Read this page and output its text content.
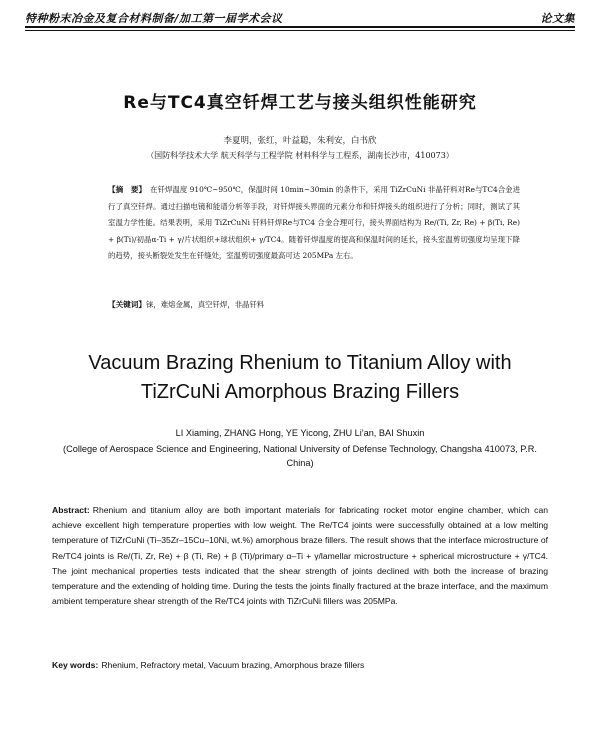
特种粉末冶金及复合材料制备/加工第一届学术会议	论文集
Re与TC4真空钎焊工艺与接头组织性能研究
李夏明，张红，叶益聪，朱利安，白书欣
（国防科学技术大学 航天科学与工程学院 材料科学与工程系，湖南长沙市，410073）
【摘　要】 在钎焊温度 910℃~950℃，保温时间 10min~30min 的条件下，采用 TiZrCuNi 非晶钎料对Re与TC4合金进行了真空钎焊。通过扫描电镜和能谱分析等手段，对钎焊接头界面的元素分布和钎焊接头的组织进行了分析；同时，测试了其室温力学性能。结果表明，采用 TiZrCuNi 钎料钎焊Re与TC4 合金合理可行，接头界面结构为 Re/(Ti, Zr, Re) + β(Ti, Re) + β(Ti)/初晶α-Ti + γ/片状组织+球状组织+ γ/TC4。随着钎焊温度的提高和保温时间的延长，接头室温剪切强度均呈现下降的趋势，接头断裂处发生在钎缝处，室温剪切强度最高可达 205MPa 左右。
【关键词】铼，难熔金属，真空钎焊，非晶钎料
Vacuum Brazing Rhenium to Titanium Alloy with
TiZrCuNi Amorphous Brazing Fillers
LI Xiaming, ZHANG Hong, YE Yicong, ZHU Li'an, BAI Shuxin
(College of Aerospace Science and Engineering, National University of Defense Technology, Changsha 410073, P.R. China)
Abstract: Rhenium and titanium alloy are both important materials for fabricating rocket motor engine chamber, which can achieve excellent high temperature properties with low weight. The Re/TC4 joints were successfully obtained at a low melting temperature of TiZrCuNi (Ti–35Zr–15Cu–10Ni, wt.%) amorphous braze fillers. The result shows that the interface microstructure of Re/TC4 joints is Re/(Ti, Zr, Re) + β (Ti, Re) + β (Ti)/primary α–Ti + γ/lamellar microstructure + spherical microstructure + γ/TC4. The joint mechanical properties tests indicated that the shear strength of joints declined with both the increase of brazing temperature and the extending of holding time. During the tests the joints finally fractured at the braze interface, and the maximum ambient temperature shear strength of the Re/TC4 joints with TiZrCuNi fillers was 205MPa.
Key words: Rhenium, Refractory metal, Vacuum brazing, Amorphous braze fillers
